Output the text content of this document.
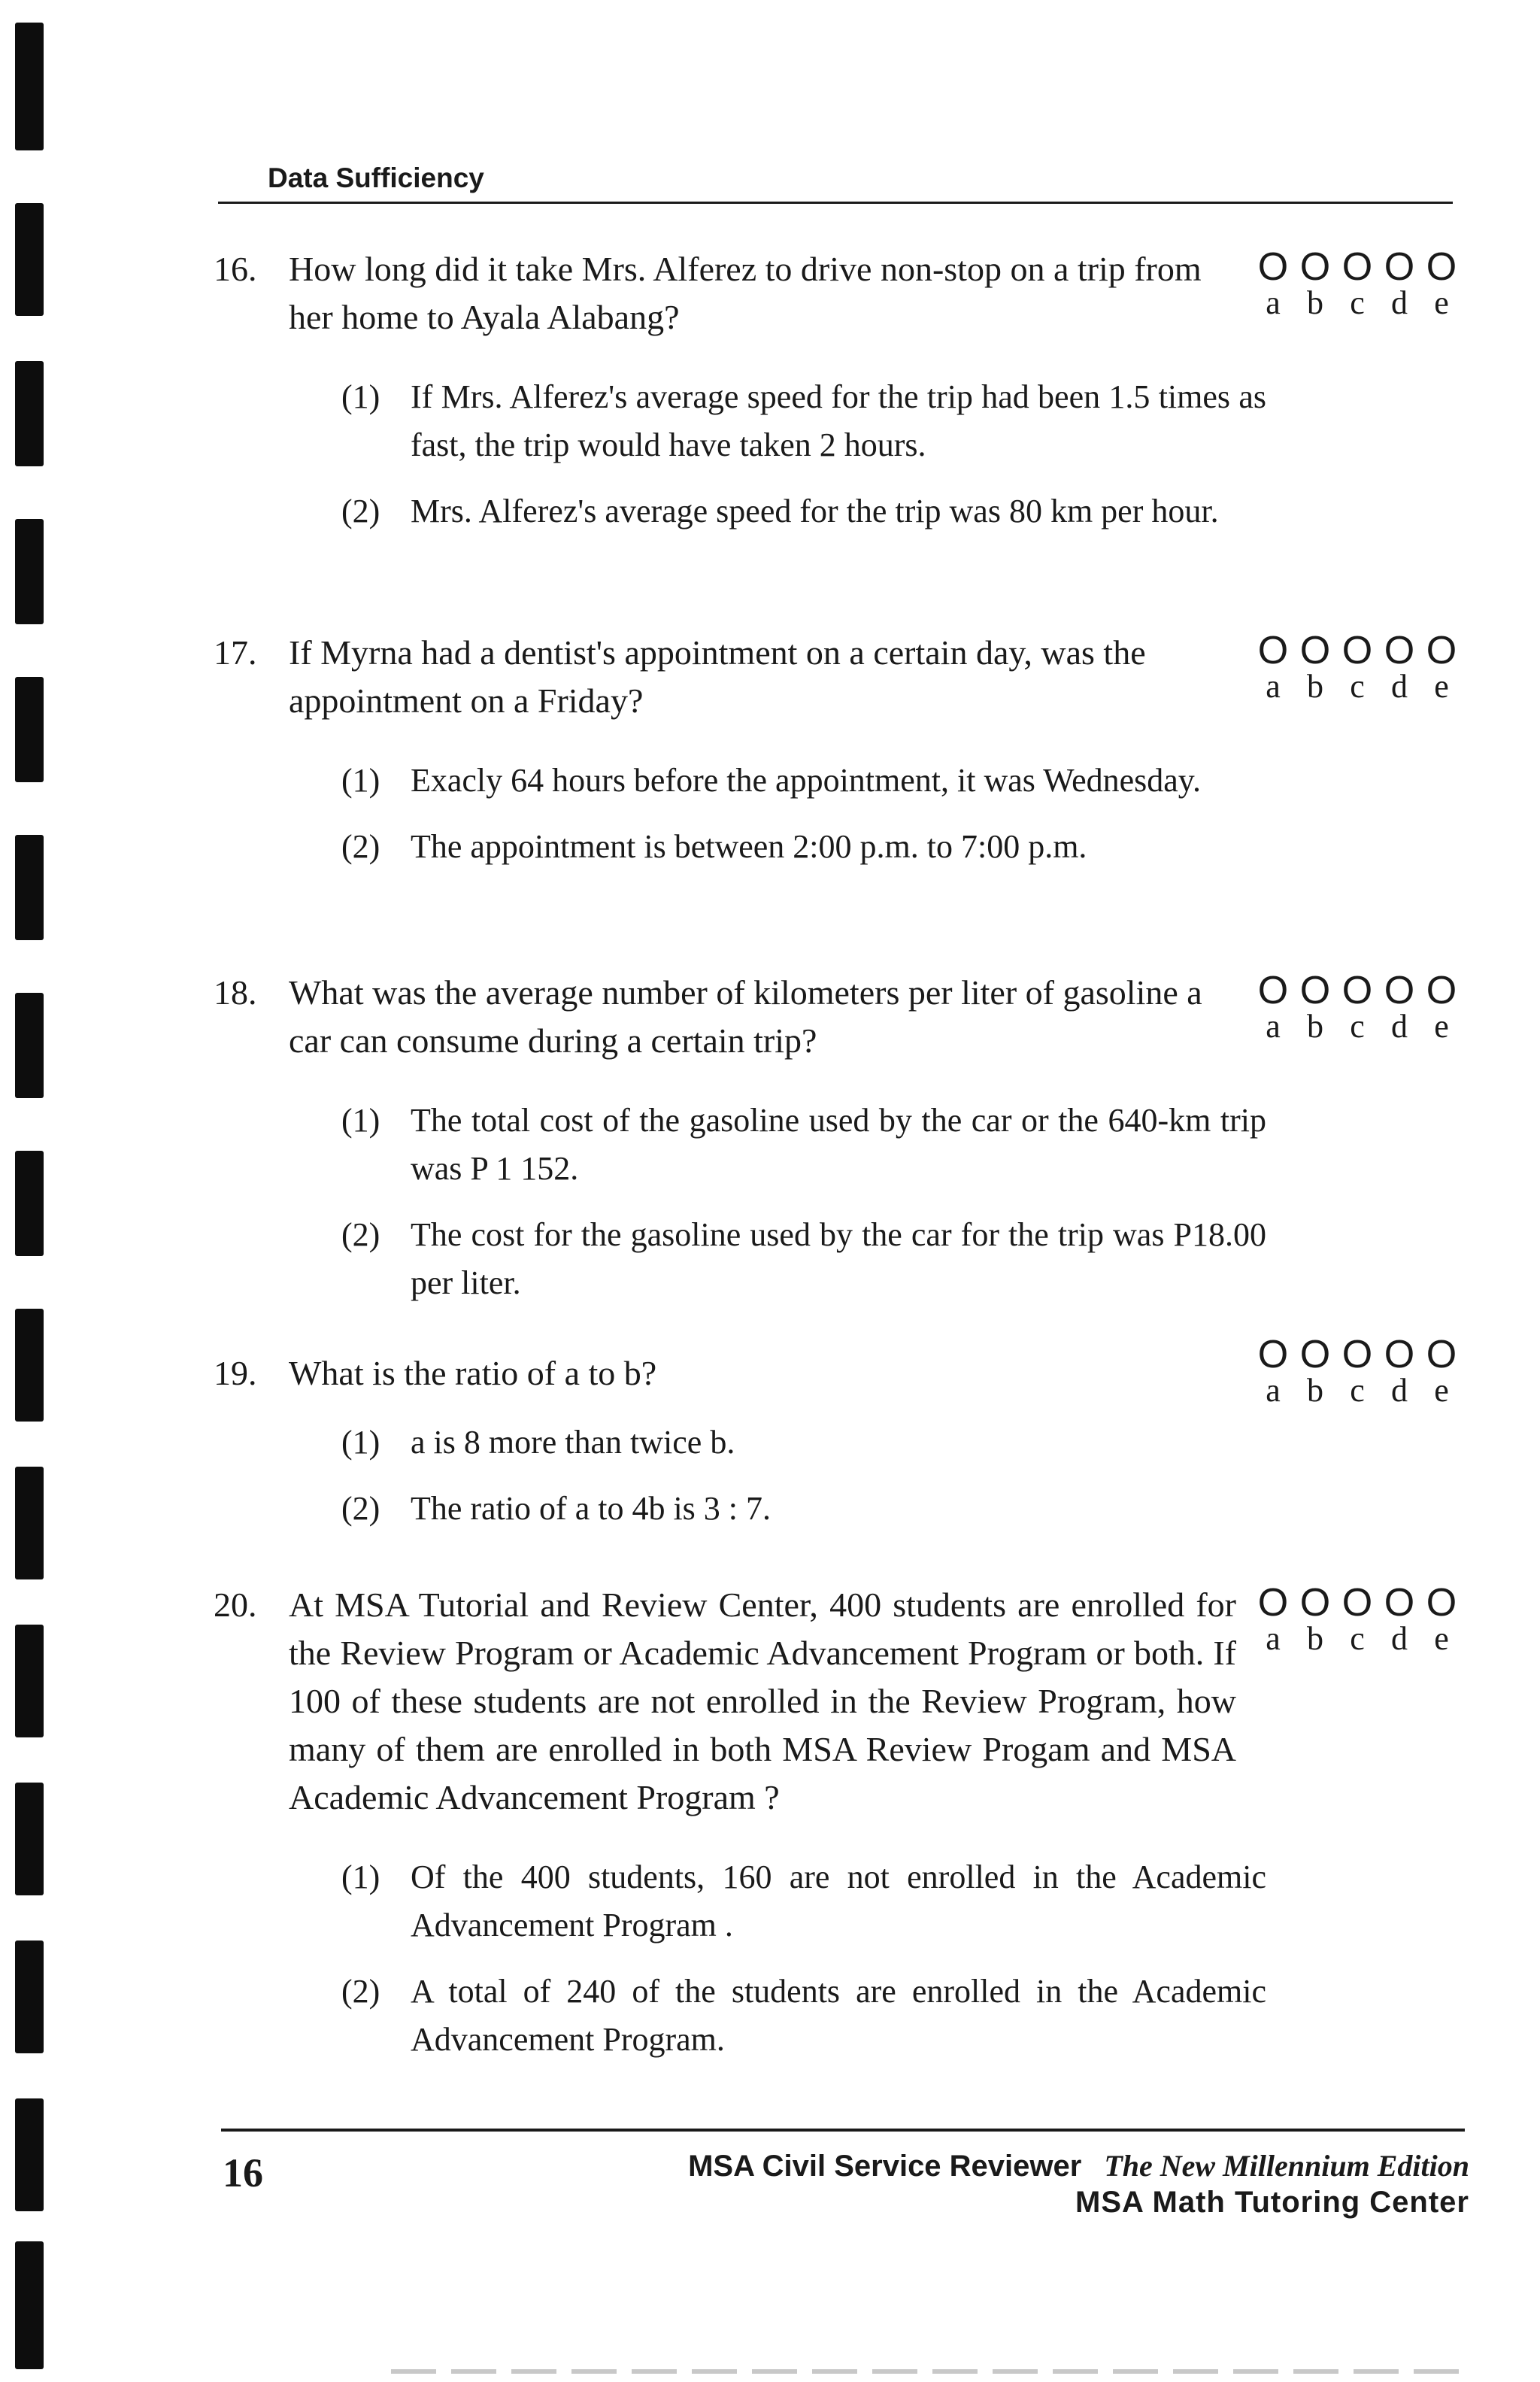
Data Sufficiency
16. How long did it take Mrs. Alferez to drive non-stop on a trip from her home to Ayala Alabang?
O O O O O
a b c d e
(1) If Mrs. Alferez's average speed for the trip had been 1.5 times as fast, the trip would have taken 2 hours.
(2) Mrs. Alferez's average speed for the trip was 80 km per hour.
17. If Myrna had a dentist's appointment on a certain day, was the appointment on a Friday?
O O O O O
a b c d e
(1) Exacly 64 hours before the appointment, it was Wednesday.
(2) The appointment is between 2:00 p.m. to 7:00 p.m.
18. What was the average number of kilometers per liter of gasoline a car can consume during a certain trip?
O O O O O
a b c d e
(1) The total cost of the gasoline used by the car or the 640-km trip was P 1 152.
(2) The cost for the gasoline used by the car for the trip was P18.00 per liter.
19. What is the ratio of a to b?	O O O O O
a b c d e
(1) a is 8 more than twice b.
(2) The ratio of a to 4b is 3 : 7.
20. At MSA Tutorial and Review Center, 400 students are enrolled for the Review Program or Academic Advancement Program or both. If 100 of these students are not enrolled in the Review Program, how many of them are enrolled in both MSA Review Progam and MSA Academic Advancement Program ?
O O O O O
a b c d e
(1) Of the 400 students, 160 are not enrolled in the Academic Advancement Program .
(2) A total of 240 of the students are enrolled in the Academic Advancement Program.
16	MSA Civil Service Reviewer The New Millennium Edition
MSA Math Tutoring Center
